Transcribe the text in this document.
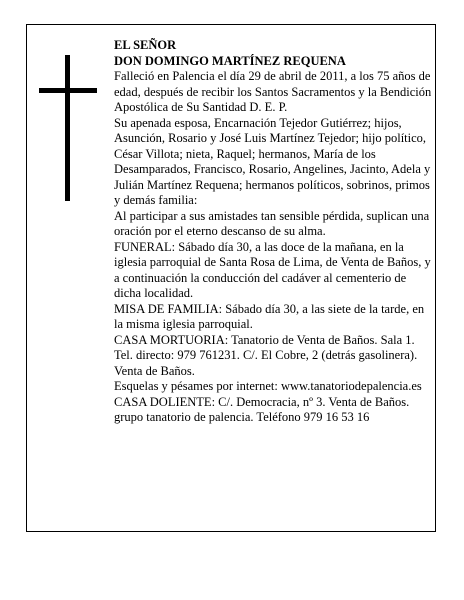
EL SEÑOR

DON DOMINGO MARTÍNEZ REQUENA

Falleció en Palencia el día 29 de abril de 2011, a los 75 años de edad, después de recibir los Santos Sacramentos y la Bendición Apostólica de Su Santidad D. E. P.

Su apenada esposa, Encarnación Tejedor Gutiérrez; hijos, Asunción, Rosario y José Luis Martínez Tejedor; hijo político, César Villota; nieta, Raquel; hermanos, María de los Desamparados, Francisco, Rosario, Angelines, Jacinto, Adela y Julián Martínez Requena; hermanos políticos, sobrinos, primos y demás familia:

Al participar a sus amistades tan sensible pérdida, suplican una oración por el eterno descanso de su alma.

FUNERAL: Sábado día 30, a las doce de la mañana, en la iglesia parroquial de Santa Rosa de Lima, de Venta de Baños, y a continuación la conducción del cadáver al cementerio de dicha localidad.

MISA DE FAMILIA: Sábado día 30, a las siete de la tarde, en la misma iglesia parroquial.

CASA MORTUORIA: Tanatorio de Venta de Baños. Sala 1. Tel. directo: 979 761231. C/. El Cobre, 2 (detrás gasolinera). Venta de Baños.

Esquelas y pésames por internet: www.tanatoriodepalencia.es

CASA DOLIENTE: C/. Democracia, nº 3. Venta de Baños.

grupo tanatorio de palencia. Teléfono 979 16 53 16
